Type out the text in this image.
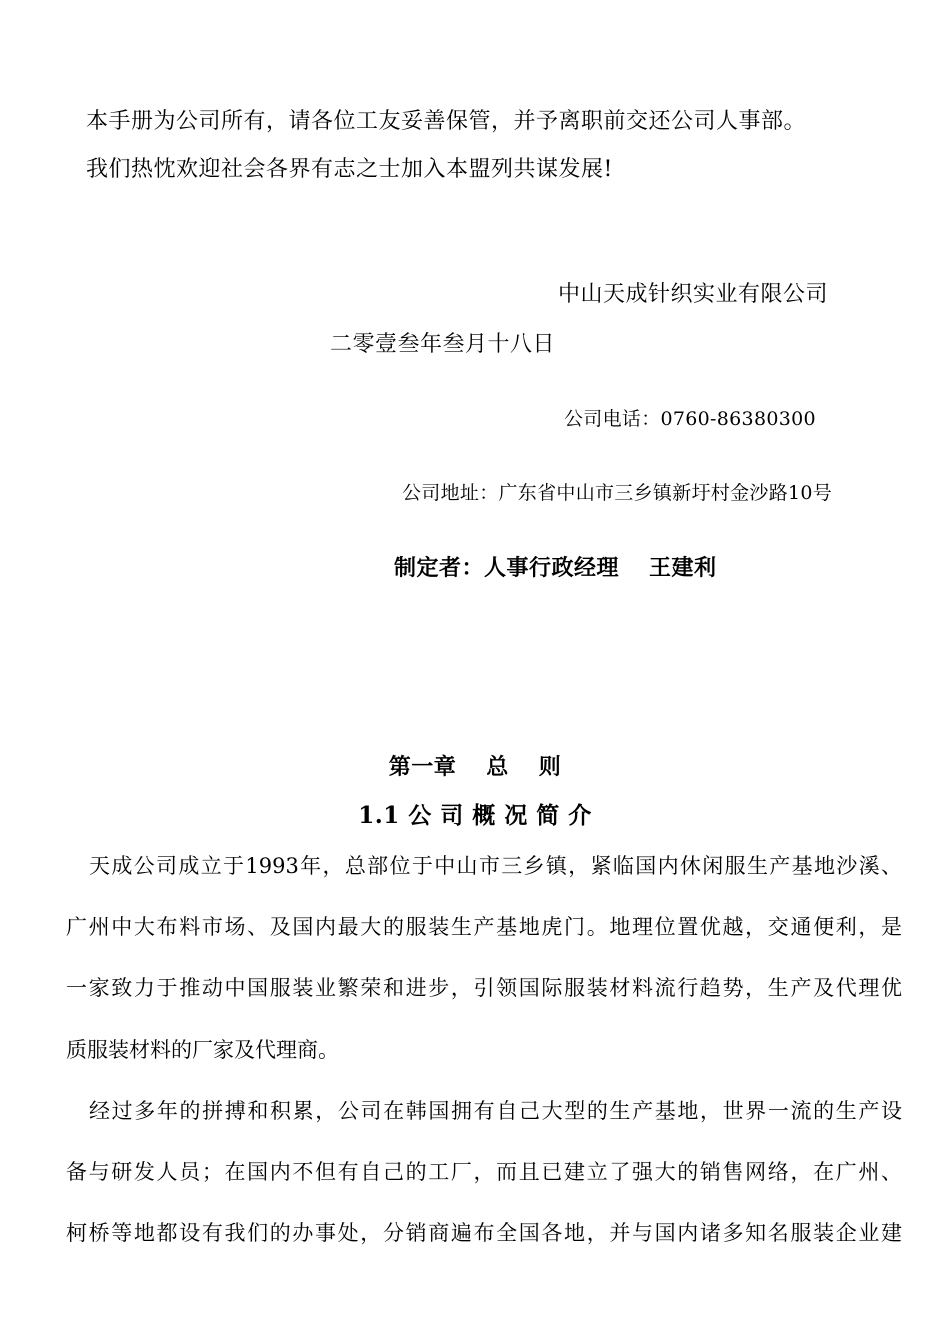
本手册为公司所有，请各位工友妥善保管，并予离职前交还公司人事部。
我们热忱欢迎社会各界有志之士加入本盟列共谋发展!
中山天成针织实业有限公司
二零壹叁年叁月十八日
公司电话：0760-86380300
公司地址：广东省中山市三乡镇新圩村金沙路10号
制定者：人事行政经理 王建利
第一章 总 则
1.1 公 司 概 况 简 介
天成公司成立于1993年，总部位于中山市三乡镇，紧临国内休闲服生产基地沙溪、
广州中大布料市场、及国内最大的服装生产基地虎门。地理位置优越，交通便利，是
一家致力于推动中国服装业繁荣和进步，引领国际服装材料流行趋势，生产及代理优
质服装材料的厂家及代理商。
经过多年的拼搏和积累，公司在韩国拥有自己大型的生产基地，世界一流的生产设
备与研发人员；在国内不但有自己的工厂，而且已建立了强大的销售网络，在广州、
柯桥等地都设有我们的办事处，分销商遍布全国各地，并与国内诸多知名服装企业建
